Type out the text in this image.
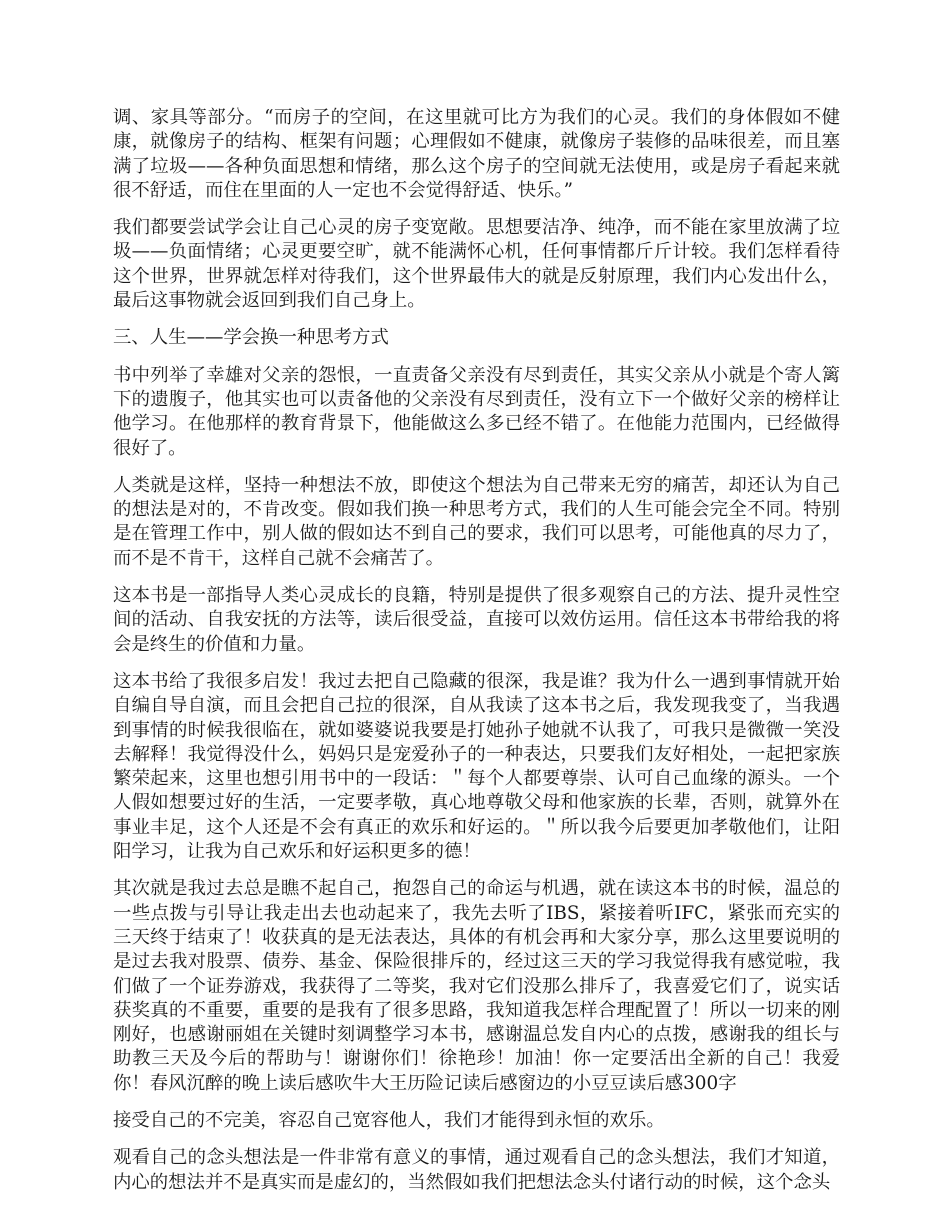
调、家具等部分。“而房子的空间，在这里就可比方为我们的心灵。我们的身体假如不健康，就像房子的结构、框架有问题；心理假如不健康，就像房子装修的品味很差，而且塞满了垃圾——各种负面思想和情绪，那么这个房子的空间就无法使用，或是房子看起来就很不舒适，而住在里面的人一定也不会觉得舒适、快乐。”

我们都要尝试学会让自己心灵的房子变宽敞。思想要洁净、纯净，而不能在家里放满了垃圾——负面情绪；心灵更要空旷，就不能满怀心机，任何事情都斤斤计较。我们怎样看待这个世界，世界就怎样对待我们，这个世界最伟大的就是反射原理，我们内心发出什么，最后这事物就会返回到我们自己身上。

三、人生——学会换一种思考方式

书中列举了幸雄对父亲的怨恨，一直责备父亲没有尽到责任，其实父亲从小就是个寄人篱下的遗腹子，他其实也可以责备他的父亲没有尽到责任，没有立下一个做好父亲的榜样让他学习。在他那样的教育背景下，他能做这么多已经不错了。在他能力范围内，已经做得很好了。

人类就是这样，坚持一种想法不放，即使这个想法为自己带来无穷的痛苦，却还认为自己的想法是对的，不肯改变。假如我们换一种思考方式，我们的人生可能会完全不同。特别是在管理工作中，别人做的假如达不到自己的要求，我们可以思考，可能他真的尽力了，而不是不肯干，这样自己就不会痛苦了。

这本书是一部指导人类心灵成长的良籍，特别是提供了很多观察自己的方法、提升灵性空间的活动、自我安抚的方法等，读后很受益，直接可以效仿运用。信任这本书带给我的将会是终生的价值和力量。

这本书给了我很多启发！我过去把自己隐藏的很深，我是谁？我为什么一遇到事情就开始自编自导自演，而且会把自己拉的很深，自从我读了这本书之后，我发现我变了，当我遇到事情的时候我很临在，就如婆婆说我要是打她孙子她就不认我了，可我只是微微一笑没去解释！我觉得没什么，妈妈只是宠爱孙子的一种表达，只要我们友好相处，一起把家族繁荣起来，这里也想引用书中的一段话：＂每个人都要尊崇、认可自己血缘的源头。一个人假如想要过好的生活，一定要孝敬，真心地尊敬父母和他家族的长辈，否则，就算外在事业丰足，这个人还是不会有真正的欢乐和好运的。＂所以我今后要更加孝敬他们，让阳阳学习，让我为自己欢乐和好运积更多的德！

其次就是我过去总是瞧不起自己，抱怨自己的命运与机遇，就在读这本书的时候，温总的一些点拨与引导让我走出去也动起来了，我先去听了IBS，紧接着听IFC，紧张而充实的三天终于结束了！收获真的是无法表达，具体的有机会再和大家分享，那么这里要说明的是过去我对股票、债券、基金、保险很排斥的，经过这三天的学习我觉得我有感觉啦，我们做了一个证券游戏，我获得了二等奖，我对它们没那么排斥了，我喜爱它们了，说实话获奖真的不重要，重要的是我有了很多思路，我知道我怎样合理配置了！所以一切来的刚刚好，也感谢丽姐在关键时刻调整学习本书，感谢温总发自内心的点拨，感谢我的组长与助教三天及今后的帮助与！谢谢你们！徐艳珍！加油！你一定要活出全新的自己！我爱你！春风沉醉的晚上读后感吹牛大王历险记读后感窗边的小豆豆读后感300字

接受自己的不完美，容忍自己宽容他人，我们才能得到永恒的欢乐。

观看自己的念头想法是一件非常有意义的事情，通过观看自己的念头想法，我们才知道，内心的想法并不是真实而是虚幻的，当然假如我们把想法念头付诸行动的时候，这个念头
